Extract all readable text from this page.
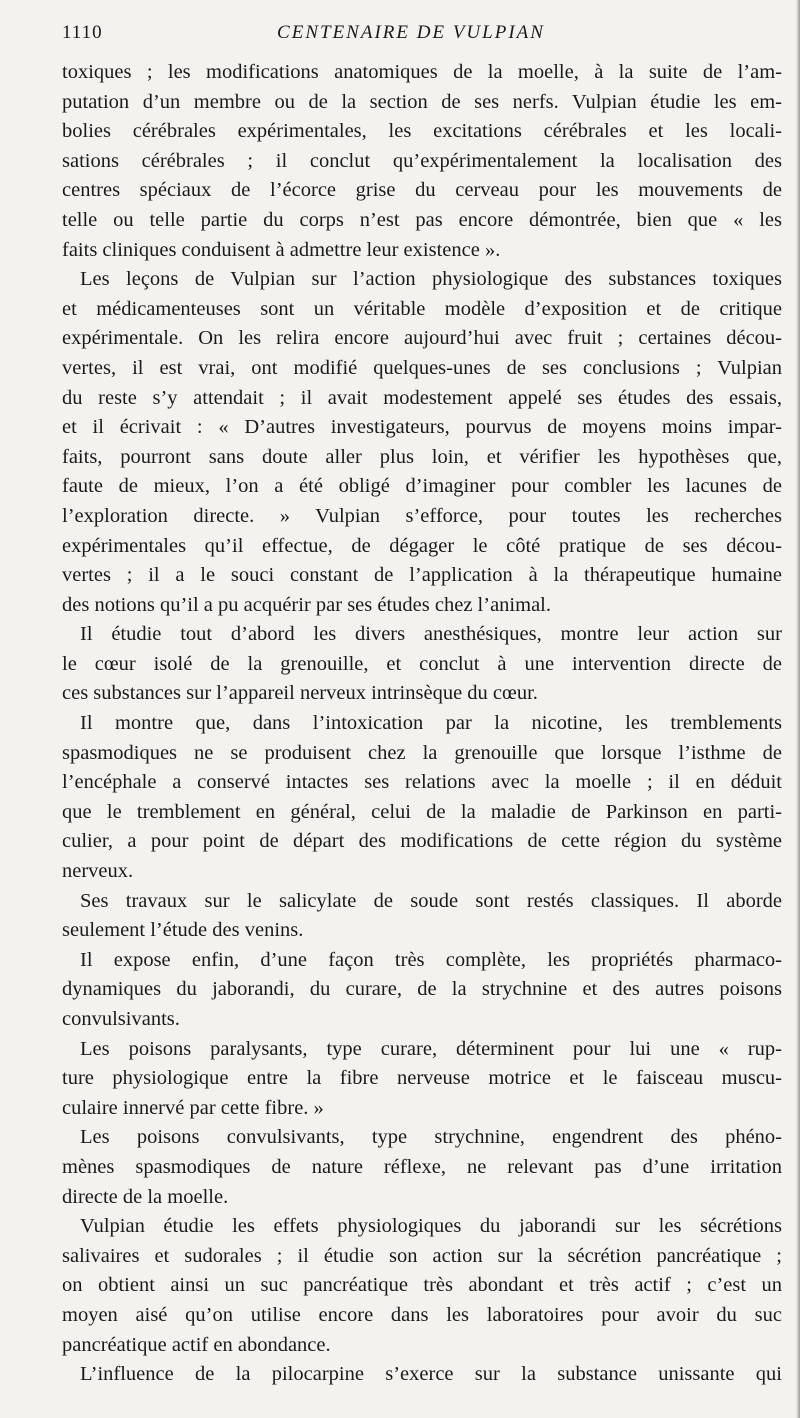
1110	CENTENAIRE DE VULPIAN
toxiques ; les modifications anatomiques de la moelle, à la suite de l’am-
putation d’un membre ou de la section de ses nerfs. Vulpian étudie les em-
bolies cérébrales expérimentales, les excitations cérébrales et les locali-
sations cérébrales ; il conclut qu’expérimentalement la localisation des
centres spéciaux de l’écorce grise du cerveau pour les mouvements de
telle ou telle partie du corps n’est pas encore démontrée, bien que « les
faits cliniques conduisent à admettre leur existence ».
Les leçons de Vulpian sur l’action physiologique des substances toxiques
et médicamenteuses sont un véritable modèle d’exposition et de critique
expérimentale. On les relira encore aujourd’hui avec fruit ; certaines décou-
vertes, il est vrai, ont modifié quelques-unes de ses conclusions ; Vulpian
du reste s’y attendait ; il avait modestement appelé ses études des essais,
et il écrivait : « D’autres investigateurs, pourvus de moyens moins impar-
faits, pourront sans doute aller plus loin, et vérifier les hypothèses que,
faute de mieux, l’on a été obligé d’imaginer pour combler les lacunes de
l’exploration directe. » Vulpian s’efforce, pour toutes les recherches
expérimentales qu’il effectue, de dégager le côté pratique de ses décou-
vertes ; il a le souci constant de l’application à la thérapeutique humaine
des notions qu’il a pu acquérir par ses études chez l’animal.
Il étudie tout d’abord les divers anesthésiques, montre leur action sur
le cœur isolé de la grenouille, et conclut à une intervention directe de
ces substances sur l’appareil nerveux intrinsèque du cœur.
Il montre que, dans l’intoxication par la nicotine, les tremblements
spasmodiques ne se produisent chez la grenouille que lorsque l’isthme de
l’encéphale a conservé intactes ses relations avec la moelle ; il en déduit
que le tremblement en général, celui de la maladie de Parkinson en parti-
culier, a pour point de départ des modifications de cette région du système
nerveux.
Ses travaux sur le salicylate de soude sont restés classiques. Il aborde
seulement l’étude des venins.
Il expose enfin, d’une façon très complète, les propriétés pharmaco-
dynamiques du jaborandi, du curare, de la strychnine et des autres poisons
convulsivants.
Les poisons paralysants, type curare, déterminent pour lui une « rup-
ture physiologique entre la fibre nerveuse motrice et le faisceau muscu-
culaire innervé par cette fibre. »
Les poisons convulsivants, type strychnine, engendrent des phéno-
mènes spasmodiques de nature réflexe, ne relevant pas d’une irritation
directe de la moelle.
Vulpian étudie les effets physiologiques du jaborandi sur les sécrétions
salivaires et sudorales ; il étudie son action sur la sécrétion pancréatique ;
on obtient ainsi un suc pancréatique très abondant et très actif ; c’est un
moyen aisé qu’on utilise encore dans les laboratoires pour avoir du suc
pancréatique actif en abondance.
L’influence de la pilocarpine s’exerce sur la substance unissante qui
